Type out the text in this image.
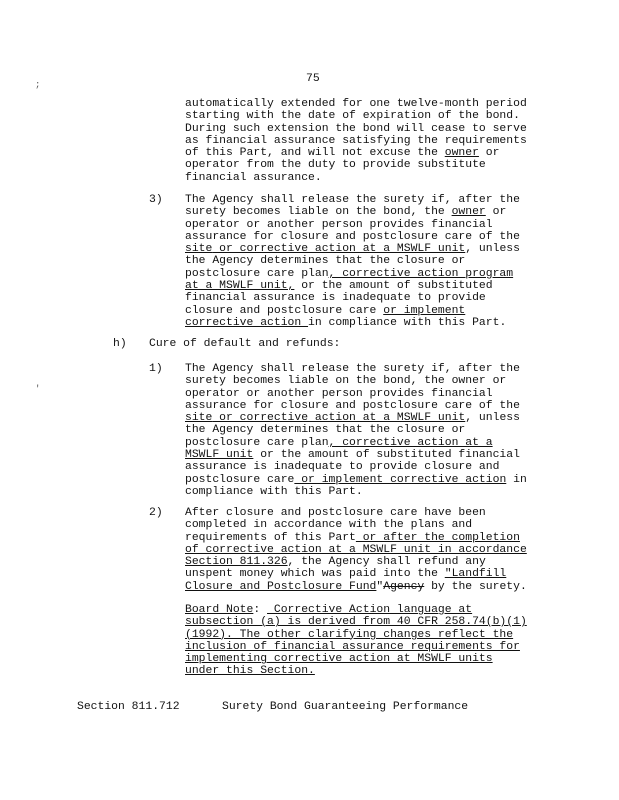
;
'
75
automatically extended for one twelve-month period
starting with the date of expiration of the bond.
During such extension the bond will cease to serve
as financial assurance satisfying the requirements
of this Part, and will not excuse the owner or
operator from the duty to provide substitute
financial assurance.
3) The Agency shall release the surety if, after the
surety becomes liable on the bond, the owner or
operator or another person provides financial
assurance for closure and postclosure care of the
site or corrective action at a MSWLF unit, unless
the Agency determines that the closure or
postclosure care plan, corrective action program
at a MSWLF unit, or the amount of substituted
financial assurance is inadequate to provide
closure and postclosure care or implement
corrective action in compliance with this Part.
h) Cure of default and refunds:
1) The Agency shall release the surety if, after the
surety becomes liable on the bond, the owner or
operator or another person provides financial
assurance for closure and postclosure care of the
site or corrective action at a MSWLF unit, unless
the Agency determines that the closure or
postclosure care plan, corrective action at a
MSWLF unit or the amount of substituted financial
assurance is inadequate to provide closure and
postclosure care or implement corrective action in
compliance with this Part.
2) After closure and postclosure care have been
completed in accordance with the plans and
requirements of this Part or after the completion
of corrective action at a MSWLF unit in accordance
Section 811.326, the Agency shall refund any
unspent money which was paid into the "Landfill
Closure and Postclosure Fund"Agency by the surety.
Board Note:  Corrective Action language at
subsection (a) is derived from 40 CFR 258.74(b)(1)
(1992). The other clarifying changes reflect the
inclusion of financial assurance requirements for
implementing corrective action at MSWLF units
under this Section.
Section 811.712	Surety Bond Guaranteeing Performance
